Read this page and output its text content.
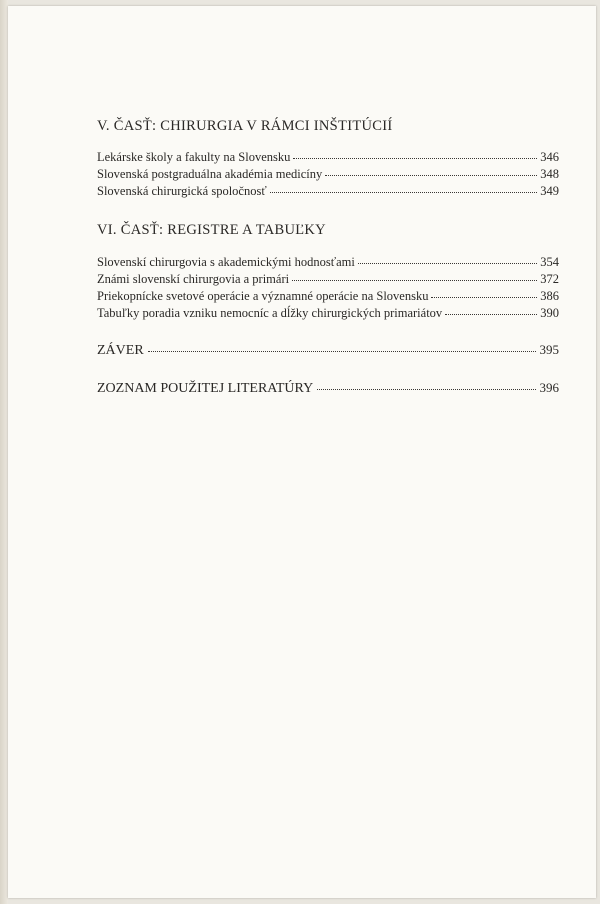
V. ČASŤ: CHIRURGIA V RÁMCI INŠTITÚCIÍ
Lekárske školy a fakulty na Slovensku	346
Slovenská postgraduálna akadémia medicíny	348
Slovenská chirurgická spoločnosť	349
VI. ČASŤ: REGISTRE A TABUĽKY
Slovenskí chirurgovia s akademickými hodnosťami	354
Známi slovenskí chirurgovia a primári	372
Priekopnícke svetové operácie a významné operácie na Slovensku	386
Tabuľky poradia vzniku nemocníc a dĺžky chirurgických primariátov	390
ZÁVER	395
ZOZNAM POUŽITEJ LITERATÚRY	396
